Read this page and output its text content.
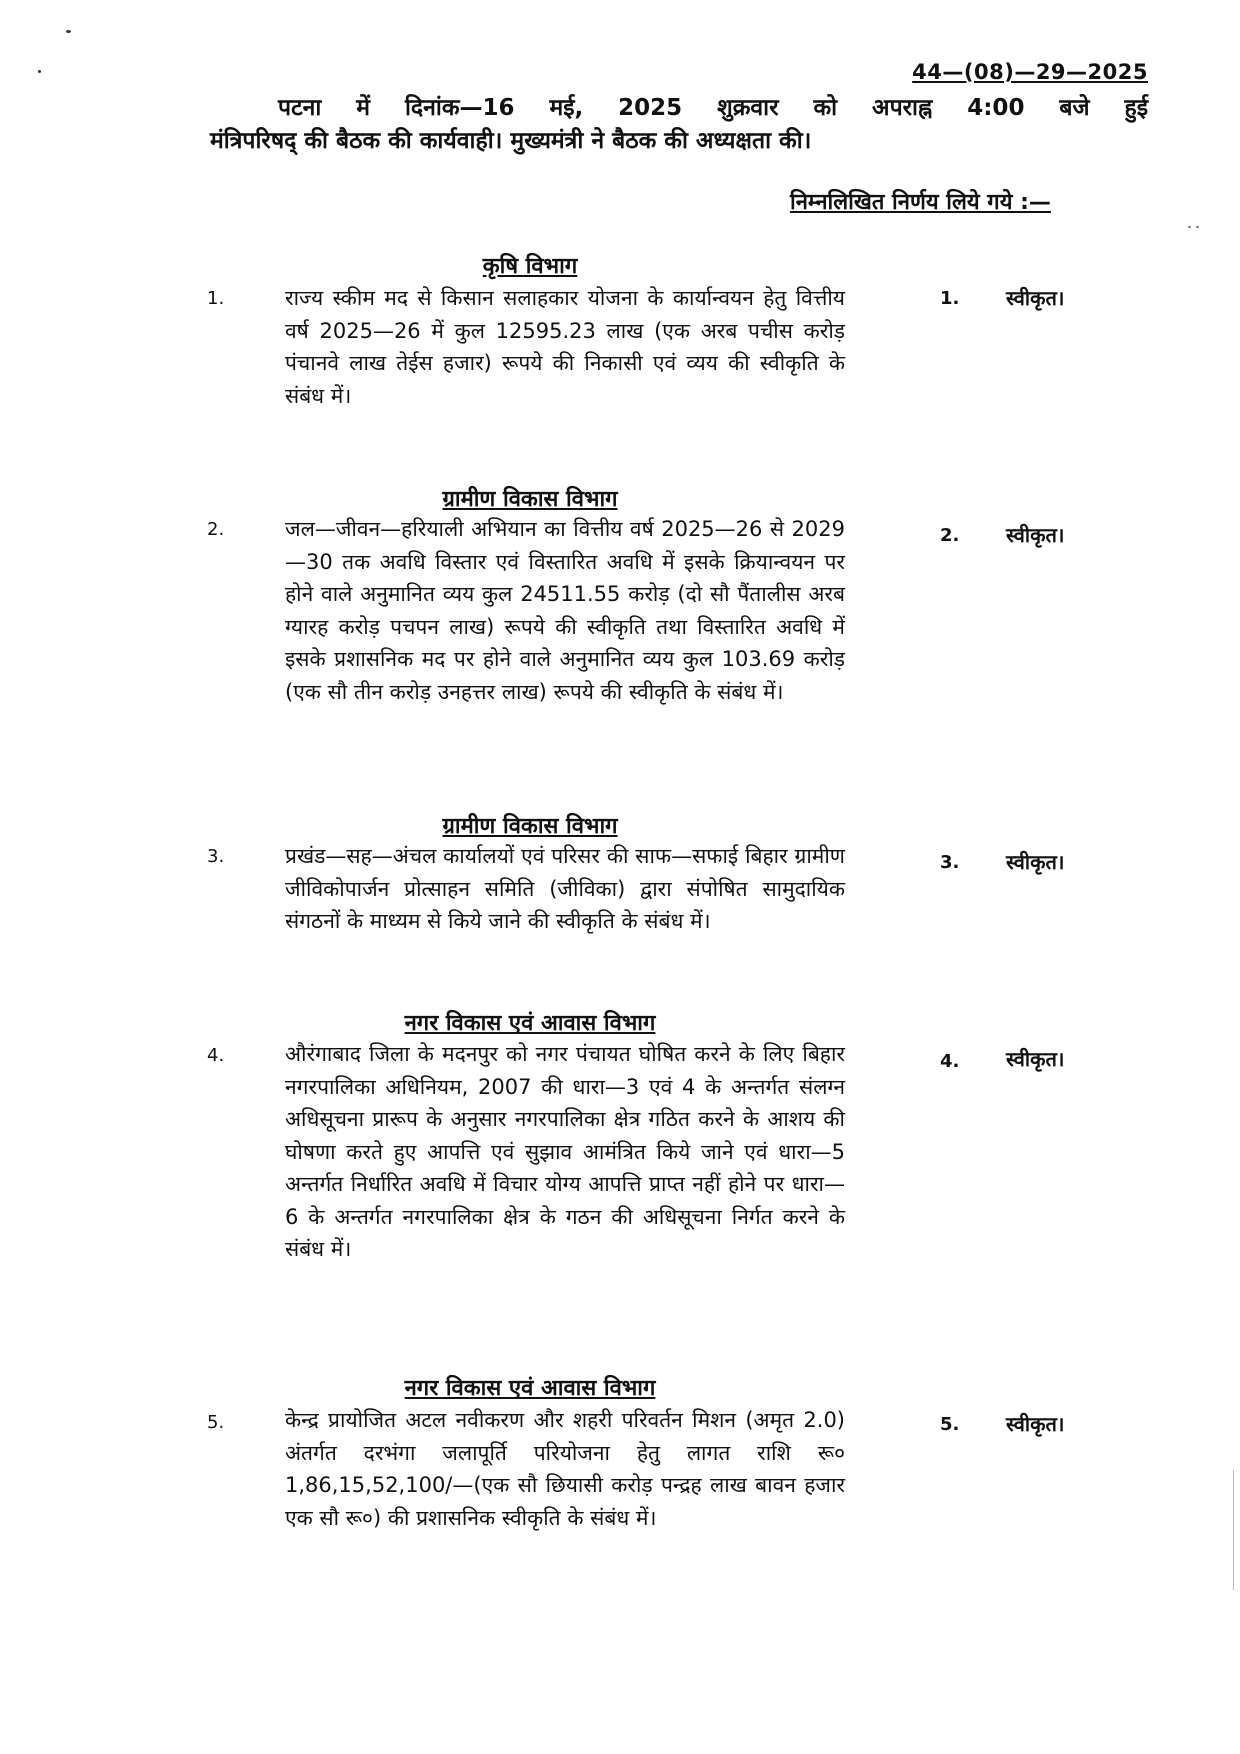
44—(08)—29—2025
पटना में दिनांक—16 मई, 2025 शुक्रवार को अपराह्न 4:00 बजे हुई
मंत्रिपरिषद् की बैठक की कार्यवाही। मुख्यमंत्री ने बैठक की अध्यक्षता की।
निम्नलिखित निर्णय लिये गये :—
कृषि विभाग
1.	राज्य स्कीम मद से किसान सलाहकार योजना के कार्यान्वयन हेतु वित्तीय वर्ष 2025—26 में कुल 12595.23 लाख (एक अरब पचीस करोड़ पंचानवे लाख तेईस हजार) रूपये की निकासी एवं व्यय की स्वीकृति के संबंध में।
1. स्वीकृत।
ग्रामीण विकास विभाग
2.	जल—जीवन—हरियाली अभियान का वित्तीय वर्ष 2025—26 से 2029—30 तक अवधि विस्तार एवं विस्तारित अवधि में इसके क्रियान्वयन पर होने वाले अनुमानित व्यय कुल 24511.55 करोड़ (दो सौ पैंतालीस अरब ग्यारह करोड़ पचपन लाख) रूपये की स्वीकृति तथा विस्तारित अवधि में इसके प्रशासनिक मद पर होने वाले अनुमानित व्यय कुल 103.69 करोड़ (एक सौ तीन करोड़ उनहत्तर लाख) रूपये की स्वीकृति के संबंध में।
2. स्वीकृत।
ग्रामीण विकास विभाग
3.	प्रखंड—सह—अंचल कार्यालयों एवं परिसर की साफ—सफाई बिहार ग्रामीण जीविकोपार्जन प्रोत्साहन समिति (जीविका) द्वारा संपोषित सामुदायिक संगठनों के माध्यम से किये जाने की स्वीकृति के संबंध में।
3. स्वीकृत।
नगर विकास एवं आवास विभाग
4.	औरंगाबाद जिला के मदनपुर को नगर पंचायत घोषित करने के लिए बिहार नगरपालिका अधिनियम, 2007 की धारा—3 एवं 4 के अन्तर्गत संलग्न अधिसूचना प्रारूप के अनुसार नगरपालिका क्षेत्र गठित करने के आशय की घोषणा करते हुए आपत्ति एवं सुझाव आमंत्रित किये जाने एवं धारा—5 अन्तर्गत निर्धारित अवधि में विचार योग्य आपत्ति प्राप्त नहीं होने पर धारा—6 के अन्तर्गत नगरपालिका क्षेत्र के गठन की अधिसूचना निर्गत करने के संबंध में।
4. स्वीकृत।
नगर विकास एवं आवास विभाग
5.	केन्द्र प्रायोजित अटल नवीकरण और शहरी परिवर्तन मिशन (अमृत 2.0) अंतर्गत दरभंगा जलापूर्ति परियोजना हेतु लागत राशि रू० 1,86,15,52,100/—(एक सौ छियासी करोड़ पन्द्रह लाख बावन हजार एक सौ रू०) की प्रशासनिक स्वीकृति के संबंध में।
5. स्वीकृत।
